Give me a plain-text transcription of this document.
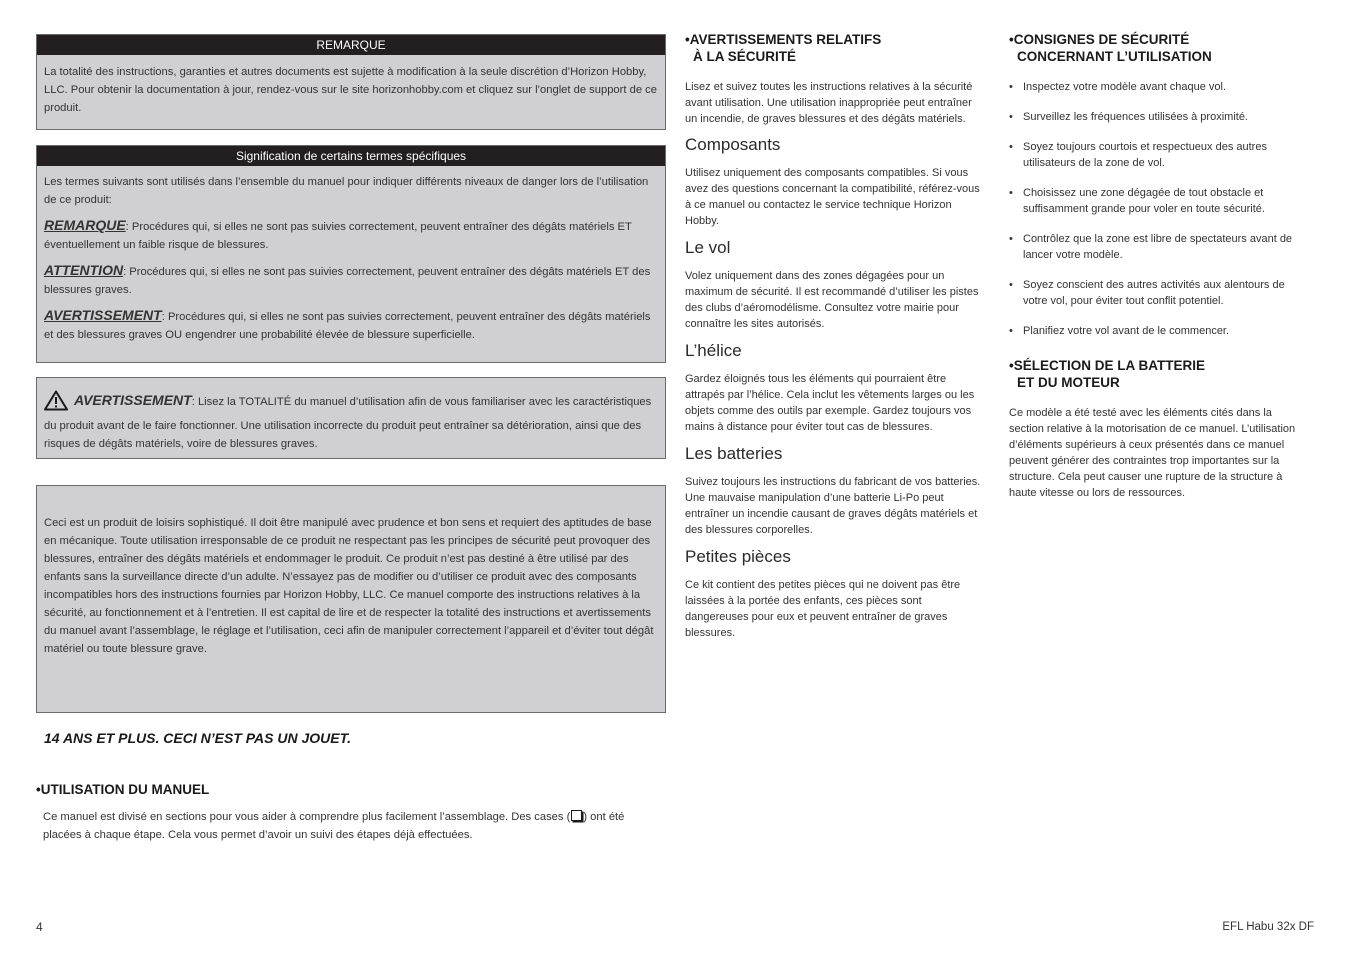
REMARQUE
La totalité des instructions, garanties et autres documents est sujette à modification à la seule discrétion d’Horizon Hobby, LLC. Pour obtenir la documentation à jour, rendez-vous sur le site horizonhobby.com et cliquez sur l’onglet de support de ce produit.
Signification de certains termes spécifiques

Les termes suivants sont utilisés dans l’ensemble du manuel pour indiquer différents niveaux de danger lors de l’utilisation de ce produit:

REMARQUE: Procédures qui, si elles ne sont pas suivies correctement, peuvent entraîner des dégâts matériels ET éventuellement un faible risque de blessures.

ATTENTION: Procédures qui, si elles ne sont pas suivies correctement, peuvent entraîner des dégâts matériels ET des blessures graves.

AVERTISSEMENT: Procédures qui, si elles ne sont pas suivies correctement, peuvent entraîner des dégâts matériels et des blessures graves OU engendrer une probabilité élevée de blessure superficielle.

AVERTISSEMENT: Lisez la TOTALITÉ du manuel d’utilisation afin de vous familiariser avec les caractéristiques du produit avant de le faire fonctionner. Une utilisation incorrecte du produit peut entraîner sa détérioration, ainsi que des risques de dégâts matériels, voire de blessures graves.
Ceci est un produit de loisirs sophistiqué. Il doit être manipulé avec prudence et bon sens et requiert des aptitudes de base en mécanique. Toute utilisation irresponsable de ce produit ne respectant pas les principes de sécurité peut provoquer des blessures, entraîner des dégâts matériels et endommager le produit. Ce produit n’est pas destiné à être utilisé par des enfants sans la surveillance directe d’un adulte. N’essayez pas de modifier ou d’utiliser ce produit avec des composants incompatibles hors des instructions fournies par Horizon Hobby, LLC. Ce manuel comporte des instructions relatives à la sécurité, au fonctionnement et à l’entretien. Il est capital de lire et de respecter la totalité des instructions et avertissements du manuel avant l’assemblage, le réglage et l’utilisation, ceci afin de manipuler correctement l’appareil et d’éviter tout dégât matériel ou toute blessure grave.
14 ANS ET PLUS. CECI N’EST PAS UN JOUET.
•UTILISATION DU MANUEL

Ce manuel est divisé en sections pour vous aider à comprendre plus facilement l’assemblage. Des cases ( ) ont été placées à chaque étape. Cela vous permet d’avoir un suivi des étapes déjà effectuées.

•AVERTISSEMENTS RELATIFS
À LA SÉCURITÉ

Lisez et suivez toutes les instructions relatives à la sécurité avant utilisation. Une utilisation inappropriée peut entraîner un incendie, de graves blessures et des dégâts matériels.

Composants

Utilisez uniquement des composants compatibles. Si vous avez des questions concernant la compatibilité, référez-vous à ce manuel ou contactez le service technique Horizon Hobby.

Le vol

Volez uniquement dans des zones dégagées pour un maximum de sécurité. Il est recommandé d’utiliser les pistes des clubs d’aéromodélisme. Consultez votre mairie pour connaître les sites autorisés.

L’hélice

Gardez éloignés tous les éléments qui pourraient être attrapés par l’hélice. Cela inclut les vêtements larges ou les objets comme des outils par exemple. Gardez toujours vos mains à distance pour éviter tout cas de blessures.

Les batteries

Suivez toujours les instructions du fabricant de vos batteries. Une mauvaise manipulation d’une batterie Li-Po peut entraîner un incendie causant de graves dégâts matériels et des blessures corporelles.

Petites pièces

Ce kit contient des petites pièces qui ne doivent pas être laissées à la portée des enfants, ces pièces sont dangereuses pour eux et peuvent entraîner de graves blessures.

•CONSIGNES DE SÉCURITÉ
CONCERNANT L’UTILISATION
• Inspectez votre modèle avant chaque vol.
• Surveillez les fréquences utilisées à proximité.
• Soyez toujours courtois et respectueux des autres utilisateurs de la zone de vol.
• Choisissez une zone dégagée de tout obstacle et suffisamment grande pour voler en toute sécurité.
• Contrôlez que la zone est libre de spectateurs avant de lancer votre modèle.
• Soyez conscient des autres activités aux alentours de votre vol, pour éviter tout conflit potentiel.
• Planifiez votre vol avant de le commencer.
•SÉLECTION DE LA BATTERIE
ET DU MOTEUR

Ce modèle a été testé avec les éléments cités dans la section relative à la motorisation de ce manuel. L’utilisation d’éléments supérieurs à ceux présentés dans ce manuel peuvent générer des contraintes trop importantes sur la structure. Cela peut causer une rupture de la structure à haute vitesse ou lors de ressources.

4	EFL Habu 32x DF
